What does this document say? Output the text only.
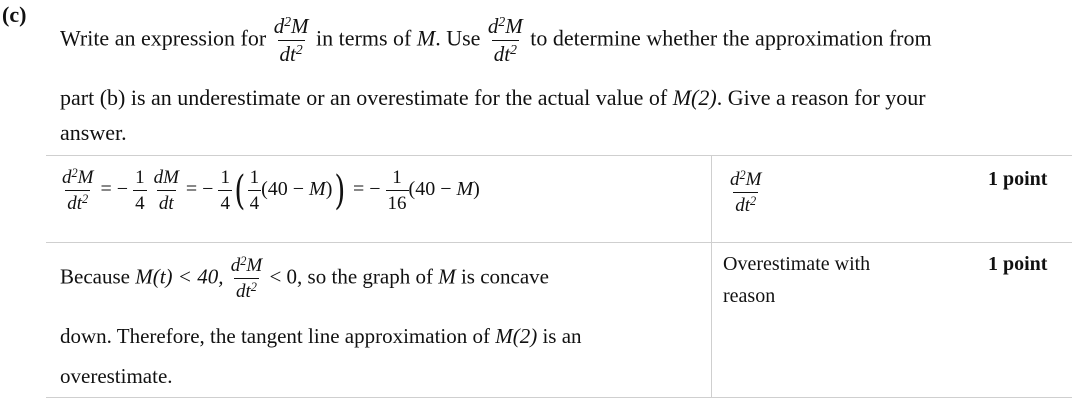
(c)
Write an expression for $\frac{d^2M}{dt^2}$ in terms of M. Use $\frac{d^2M}{dt^2}$ to determine whether the approximation from
part (b) is an underestimate or an overestimate for the actual value of M(2). Give a reason for your
answer.
$\frac{d^2M}{dt^2}$ = − $\frac{1}{4}$
$\frac{dM}{dt}$ = − $\frac{1}{4}$ ( $\frac{1}{4} (40 - M)$) = − $\frac{1}{16} (40 - M)$	$\frac{d^2M}{dt^2}$	1 point
Because M(t) < 40, $\frac{d^2M}{dt^2} < 0$, so the graph of M is concave
down. Therefore, the tangent line approximation of M(2) is an
overestimate.
Overestimate with
reason
1 point
